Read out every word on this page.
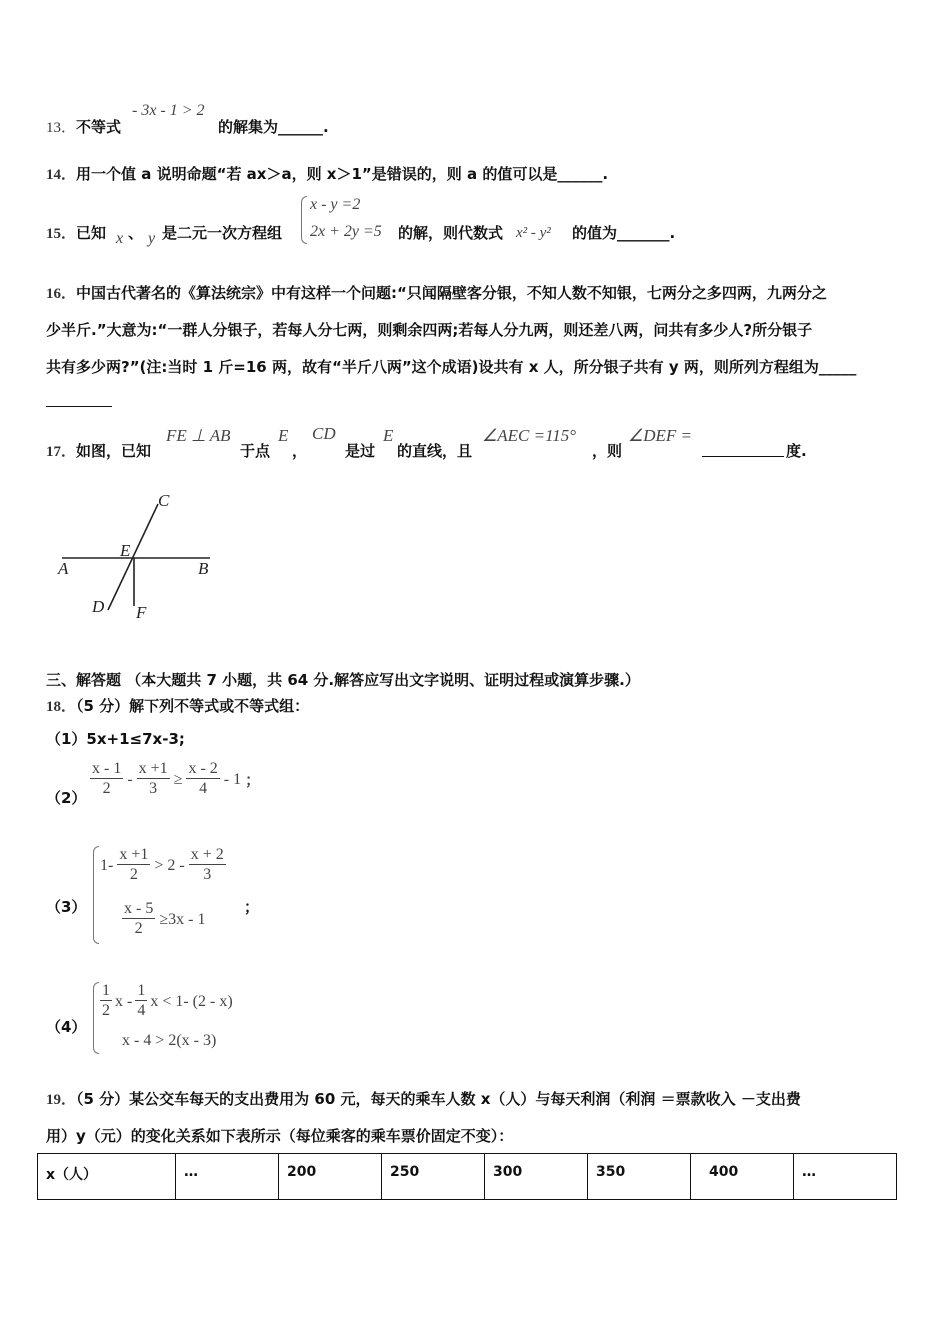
13．不等式
- 3x - 1 > 2
的解集为______.
14．用一个值 a 说明命题“若 ax＞a，则 x＞1”是错误的，则 a 的值可以是______.
15．已知 x 、 y 是二元一次方程组
x - y =2
2x + 2y =5 的解，则代数式 x² - y² 的值为_______.
16．中国古代著名的《算法统宗》中有这样一个问题:“只闻隔壁客分银，不知人数不知银，七两分之多四两，九两分之
少半斤.”大意为:“一群人分银子，若每人分七两，则剩余四两;若每人分九两，则还差八两，问共有多少人?所分银子
共有多少两?”(注:当时 1 斤=16 两，故有“半斤八两”这个成语)设共有 x 人，所分银子共有 y 两，则所列方程组为_____
17．如图，已知
FE ⊥ AB
于点
E
，
CD
是过
E
的直线，且
∠AEC =115°
，则
∠DEF =
度.
C
E
A	B
D F
三、解答题 （本大题共 7 小题，共 64 分.解答应写出文字说明、证明过程或演算步骤.）
18．（5 分）解下列不等式或不等式组：
（1）5x+1≤7x-3;
$(2) \frac{x - 1}{2} - \frac{x +1}{3} \ge \frac{x - 2}{4} - 1$ ；
（3）
$1- \frac{x +1}{2} > 2 - \frac{x + 2}{3}$
$\frac{x - 5}{2} \ge 3x - 1$
；
（4）
$\frac{1}{2}$ x - $\frac{1}{4}$ x < 1- (2 - x)
x - 4 > 2(x - 3)
19．（5 分）某公交车每天的支出费用为 60 元，每天的乘车人数 x（人）与每天利润（利润 ＝票款收入 －支出费
用）y（元）的变化关系如下表所示（每位乘客的乘车票价固定不变）：
x（人）	…	200	250	300	350	400	…
